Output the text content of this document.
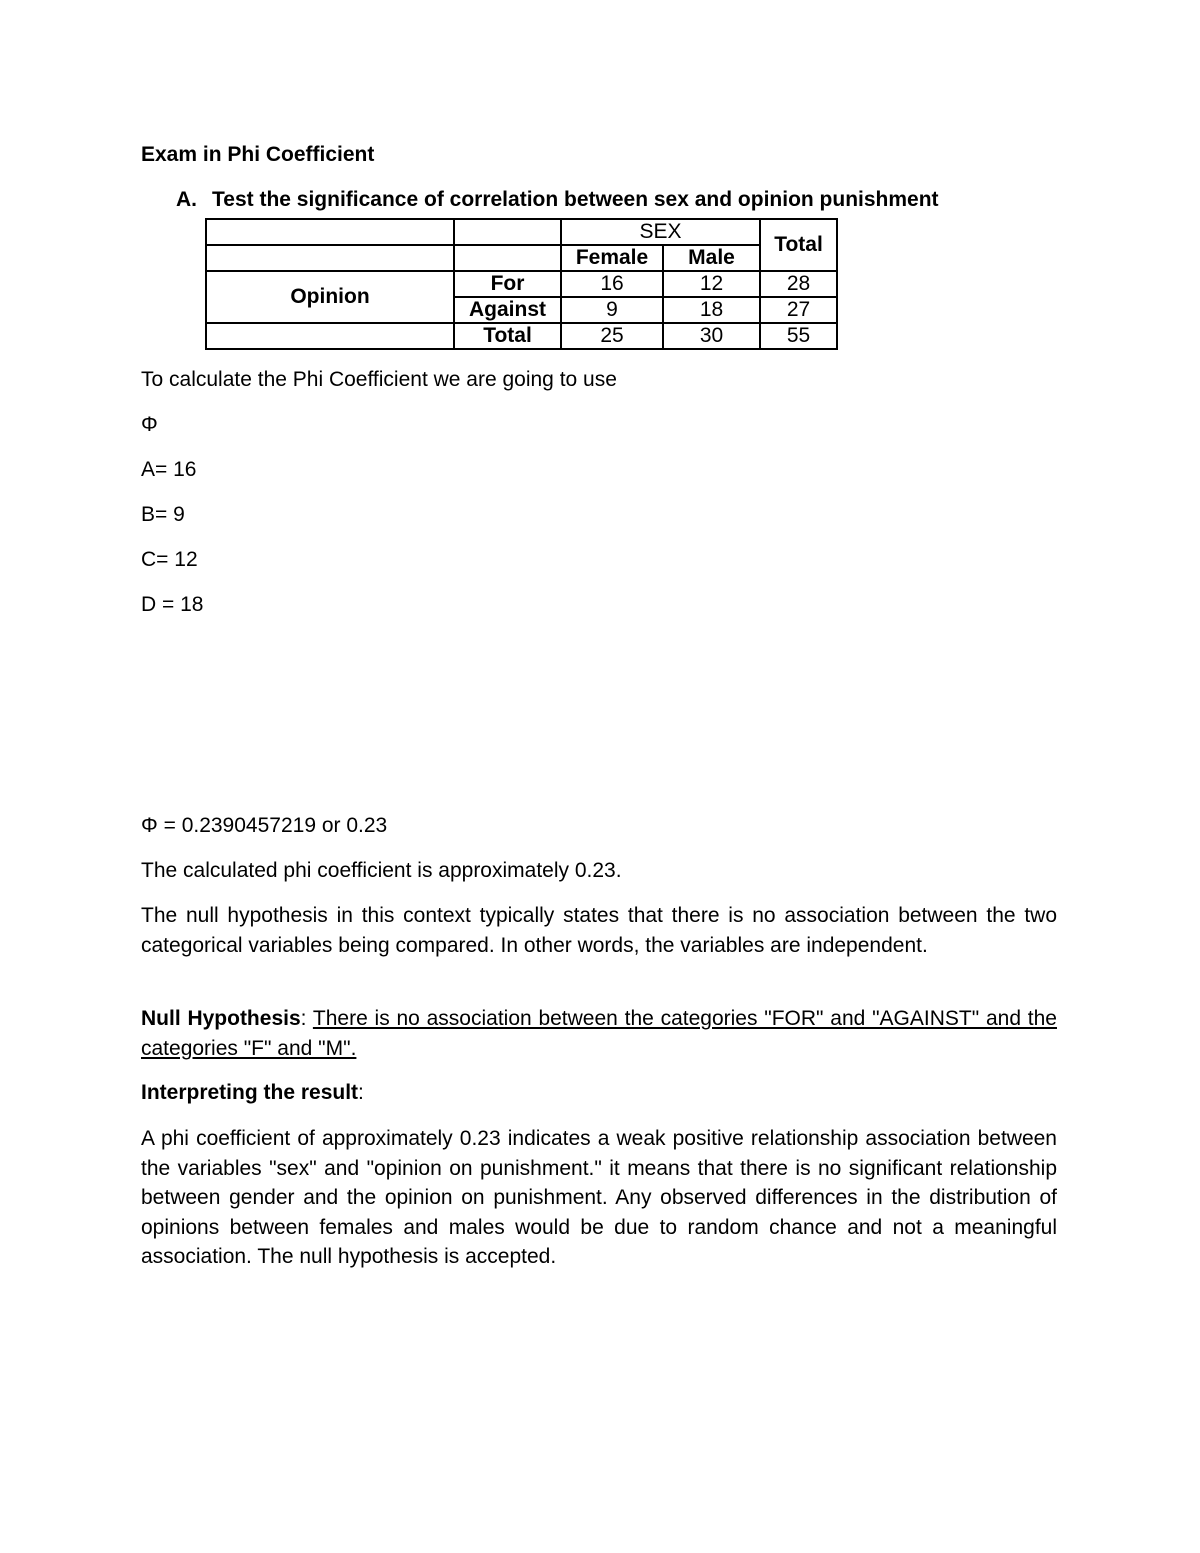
Exam in Phi Coefficient
A. Test the significance of correlation between sex and opinion punishment
		SEX		Total
		Female	Male	
Opinion	For	16	12	28
	Against	9	18	27
	Total	25	30	55
To calculate the Phi Coefficient we are going to use
Φ
A= 16
B= 9
C= 12
D = 18
Φ = 0.2390457219 or 0.23
The calculated phi coefficient is approximately 0.23.
The null hypothesis in this context typically states that there is no association between the two categorical variables being compared. In other words, the variables are independent.
Null Hypothesis: There is no association between the categories "FOR" and "AGAINST" and the categories "F" and "M".
Interpreting the result:
A phi coefficient of approximately 0.23 indicates a weak positive relationship association between the variables "sex" and "opinion on punishment." it means that there is no significant relationship between gender and the opinion on punishment. Any observed differences in the distribution of opinions between females and males would be due to random chance and not a meaningful association. The null hypothesis is accepted.
